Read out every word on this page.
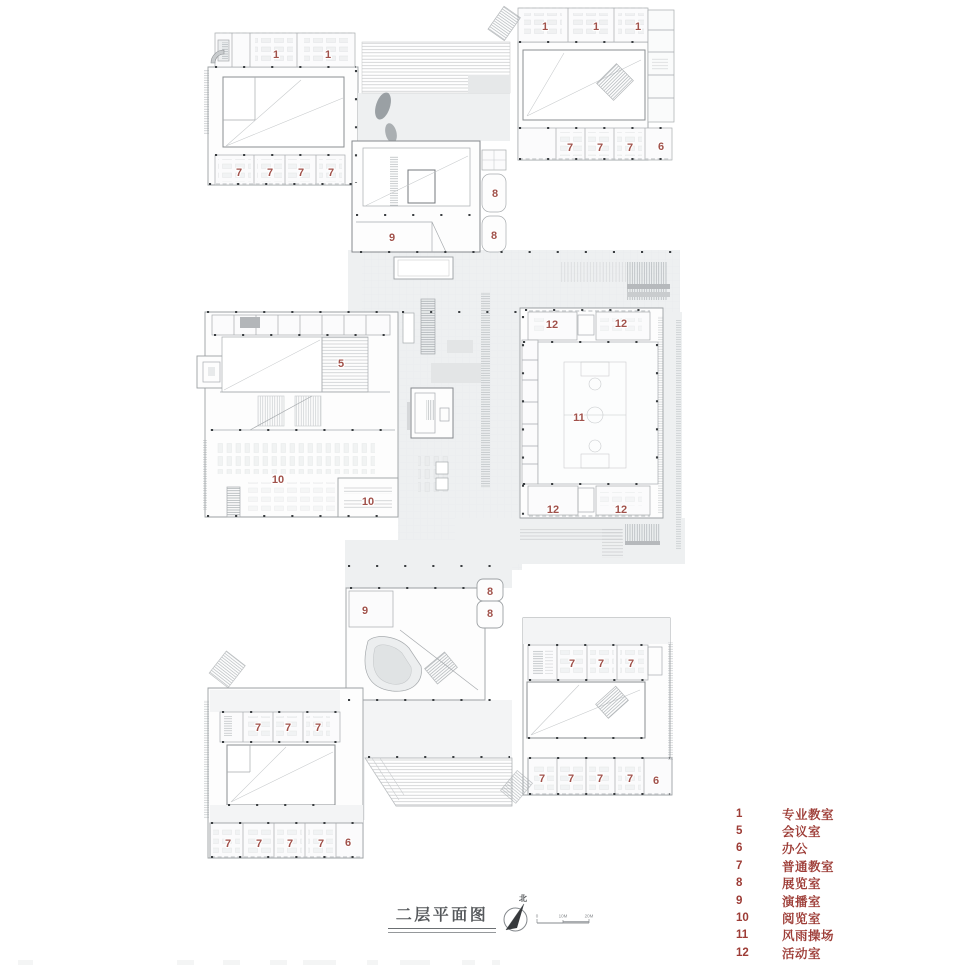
1	1
7 7 7 7
1	1	1
7 7 7 6
9
8
8
5
10
10
12	12
11
12	12
9
8
8
7 7 7
7 7 7 7 6
7 7 7
7 7 7 7 6
北
0	10M	20M
二层平面图
1	专业教室
5	会议室
6	办公
7	普通教室
8	展览室
9	演播室
10	阅览室
11	风雨操场
12	活动室
